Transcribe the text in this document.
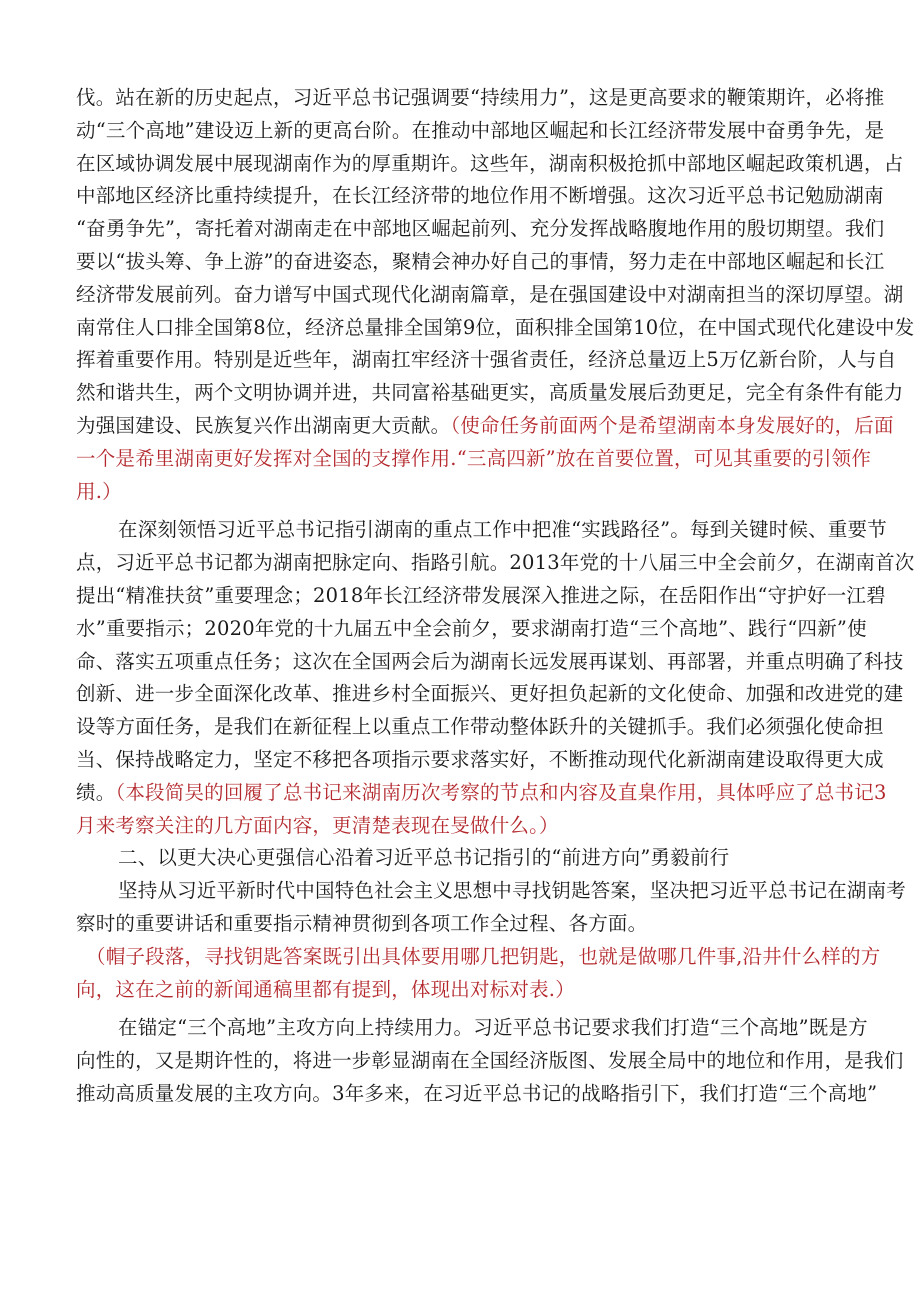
伐。站在新的历史起点，习近平总书记强调要“持续用力”，这是更高要求的鞭策期许，必将推
动“三个高地”建设迈上新的更高台阶。在推动中部地区崛起和长江经济带发展中奋勇争先，是
在区域协调发展中展现湖南作为的厚重期许。这些年，湖南积极抢抓中部地区崛起政策机遇，占
中部地区经济比重持续提升，在长江经济带的地位作用不断增强。这次习近平总书记勉励湖南
“奋勇争先”，寄托着对湖南走在中部地区崛起前列、充分发挥战略腹地作用的殷切期望。我们
要以“拔头筹、争上游”的奋进姿态，聚精会神办好自己的事情，努力走在中部地区崛起和长江
经济带发展前列。奋力谱写中国式现代化湖南篇章，是在强国建设中对湖南担当的深切厚望。湖
南常住人口排全国第8位，经济总量排全国第9位，面积排全国第10位，在中国式现代化建设中发
挥着重要作用。特别是近些年，湖南扛牢经济十强省责任，经济总量迈上5万亿新台阶，人与自
然和谐共生，两个文明协调并进，共同富裕基础更实，高质量发展后劲更足，完全有条件有能力
为强国建设、民族复兴作出湖南更大贡献。（使命任务前面两个是希望湖南本身发展好的，后面
一个是希里湖南更好发挥对全国的支撑作用.“三高四新”放在首要位置，可见其重要的引领作
用.）
在深刻领悟习近平总书记指引湖南的重点工作中把准“实践路径”。每到关键时候、重要节
点，习近平总书记都为湖南把脉定向、指路引航。2013年党的十八届三中全会前夕，在湖南首次
提出“精准扶贫”重要理念；2018年长江经济带发展深入推进之际，在岳阳作出“守护好一江碧
水”重要指示；2020年党的十九届五中全会前夕，要求湖南打造“三个高地”、践行“四新”使
命、落实五项重点任务；这次在全国两会后为湖南长远发展再谋划、再部署，并重点明确了科技
创新、进一步全面深化改革、推进乡村全面振兴、更好担负起新的文化使命、加强和改进党的建
设等方面任务，是我们在新征程上以重点工作带动整体跃升的关键抓手。我们必须强化使命担
当、保持战略定力，坚定不移把各项指示要求落实好，不断推动现代化新湖南建设取得更大成
绩。（本段简旲的回履了总书记来湖南历次考察的节点和内容及直臬作用，具体呼应了总书记3
月来考察关注的几方面内容，更清楚表现在旻做什么。）
二、以更大决心更强信心沿着习近平总书记指引的“前进方向”勇毅前行
坚持从习近平新时代中国特色社会主义思想中寻找钥匙答案，坚决把习近平总书记在湖南考
察时的重要讲话和重要指示精神贯彻到各项工作全过程、各方面。
（帽子段落，寻找钥匙答案既引出具体要用哪几把钥匙，也就是做哪几件事,沿井什么样的方
向，这在之前的新闻通稿里都有提到，体现出对标对表.）
在锚定“三个高地”主攻方向上持续用力。习近平总书记要求我们打造“三个高地”既是方
向性的，又是期许性的，将进一步彰显湖南在全国经济版图、发展全局中的地位和作用，是我们
推动高质量发展的主攻方向。3年多来，在习近平总书记的战略指引下，我们打造“三个高地”
